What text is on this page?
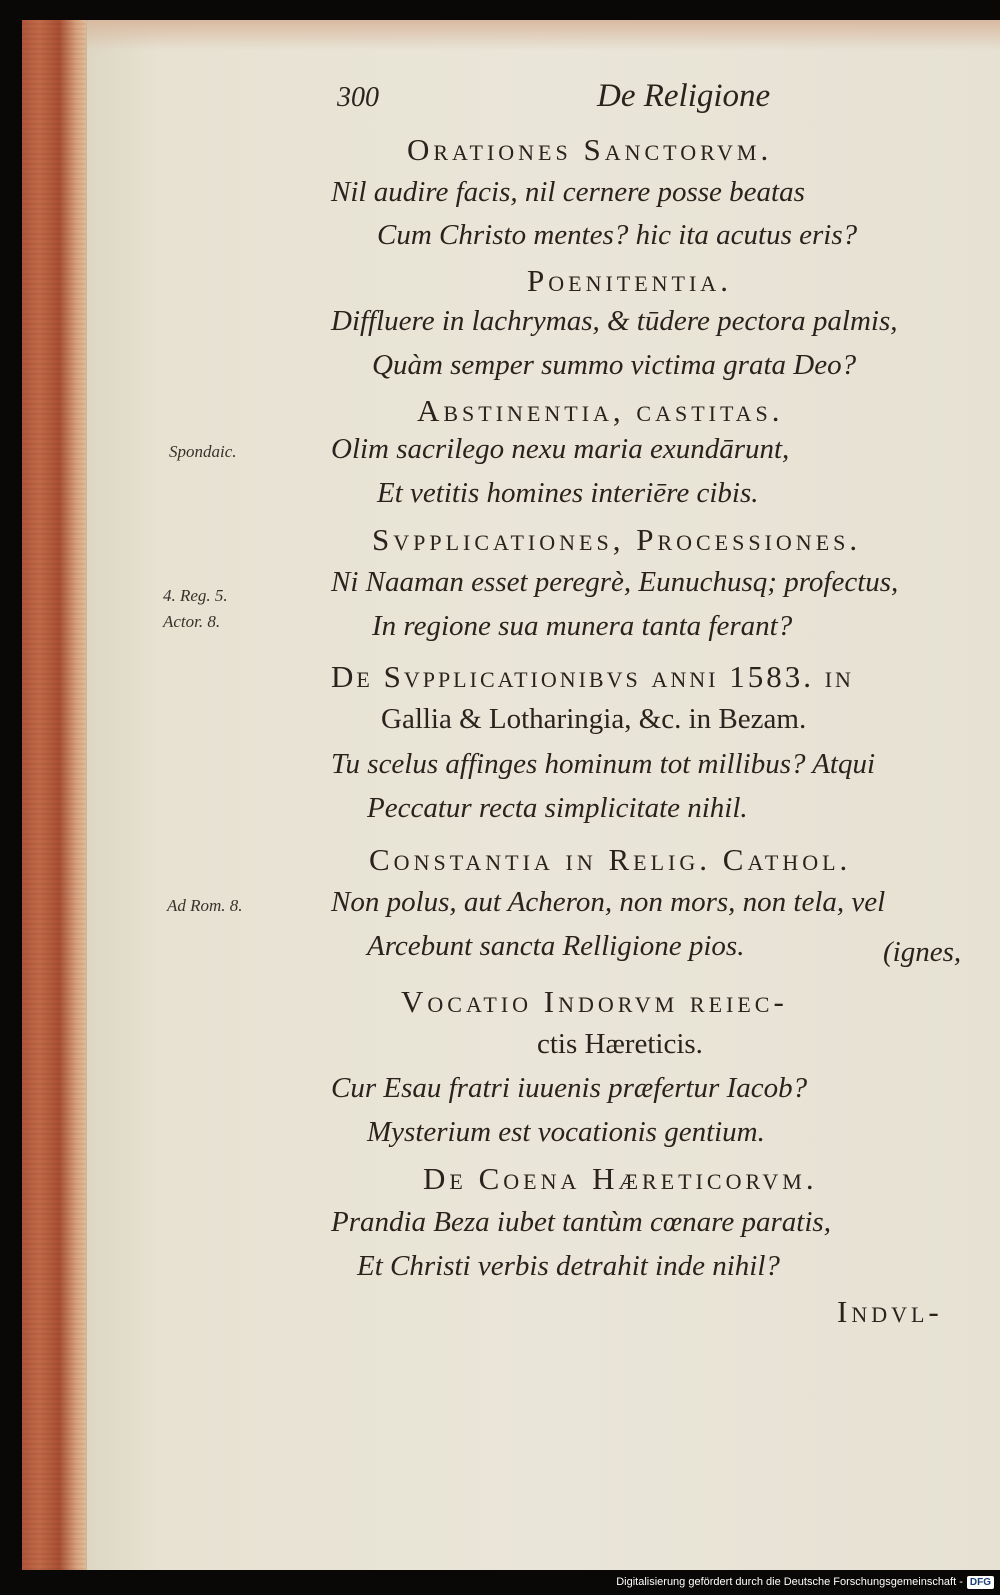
300	De Religione
Orationes Sanctorvm.
Nil audire facis, nil cernere posse beatas
Cum Christo mentes? hic ita acutus eris?
Poenitentia.
Diffluere in lachrymas, & tūdere pectora palmis,
Quàm semper summo victima grata Deo?
Abstinentia, castitas.
Spondaic.	Olim sacrilego nexu maria exundārunt,
Et vetitis homines interiēre cibis.
Svpplicationes, Procesſiones.
4. Reg. 5.
Actor. 8.
Ni Naaman esset peregrè, Eunuchusq; profectus,
In regione sua munera tanta ferant?
De Svpplicationibvs anni 1583. in
Gallia & Lotharingia, &c. in Bezam.
Tu scelus affinges hominum tot millibus? Atqui
Peccatur recta simplicitate nihil.
Constantia in Relig. Cathol.
Ad Rom. 8.	Non polus, aut Acheron, non mors, non tela, vel
Arcebunt sancta Relligione pios.	(ignes,
Vocatio Indorvm reiec-
ctis Hæreticis.
Cur Esau fratri iuuenis præfertur Iacob?
Mysterium est vocationis gentium.
De Coena Hæreticorvm.
Prandia Beza iubet tantùm cœnare paratis,
Et Christi verbis detrahit inde nihil?
Indvl-
Digitalisierung gefördert durch die Deutsche Forschungsgemeinschaft - DFG
